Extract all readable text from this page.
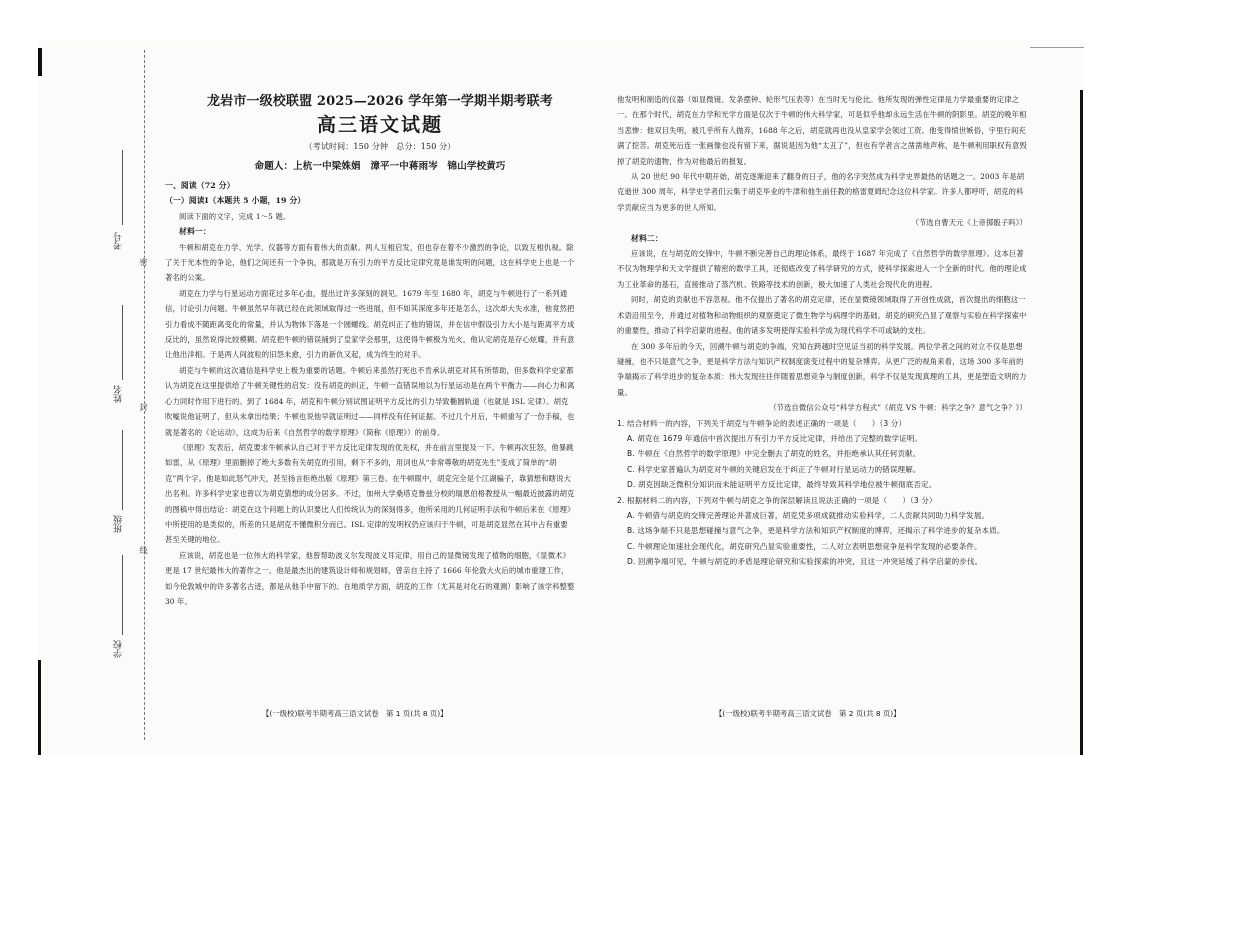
考号
姓名
班级
学校
密
封
线
龙岩市一级校联盟 2025—2026 学年第一学期半期考联考
高三语文试题
（考试时间：150 分钟　总分：150 分）
命题人：上杭一中梁姝娟　漳平一中蒋雨岑　锦山学校黄巧

一、阅读（72 分）

（一）阅读Ⅰ（本题共 5 小题，19 分）

阅读下面的文字，完成 1～5 题。

材料一：

牛顿和胡克在力学、光学、仪器等方面有着伟大的贡献。两人互相启发，但也存在着不少激烈的争论，以致互相仇视。除了关于光本性的争论，他们之间还有一个争执，那就是万有引力的平方反比定律究竟是谁发明的问题，这在科学史上也是一个著名的公案。

胡克在力学与行星运动方面花过多年心血，提出过许多深刻的洞见。1679 年至 1680 年，胡克与牛顿进行了一系列通信，讨论引力问题。牛顿虽然早年就已经在此领域取得过一些进展，但不如其深度多年还是怎么，这次却大失水准，他竟然把引力看成不随距离变化的常量，并认为物体下落是一个圆螺线。胡克纠正了他的错误，并在信中假设引力大小是与距离平方成反比的，虽然说得比较模糊。胡克把牛顿的错误捅到了皇家学会那里，这使得牛顿极为光火，他认定胡克是存心炫耀，并有意让他出洋相。于是两人间波粒的旧怨未愈，引力的新仇又起，成为终生的对手。

胡克与牛顿的这次通信是科学史上极为重要的话题。牛顿后来虽然打死也不肯承认胡克对其有所帮助，但多数科学史家都认为胡克在这里提供给了牛顿关键性的启发：没有胡克的纠正，牛顿一直错误地以为行星运动是在两个平衡力——向心力和离心力同时作用下进行的。到了 1684 年，胡克和牛顿分别试图证明平方反比的引力导致椭圆轨道（也就是 ISL 定律）。胡克吹嘘说他证明了，但从未拿出结果；牛顿也说他早就证明过——同样没有任何证据。不过几个月后，牛顿重写了一份手稿，也就是著名的《论运动》，这成为后来《自然哲学的数学原理》（简称《原理》）的前身。

《原理》发表后，胡克要求牛顿承认自己对于平方反比定律发现的优先权，并在前言里提及一下。牛顿再次狂怒，他暴跳如雷，从《原理》里面删掉了绝大多数有关胡克的引用，剩下不多的，用词也从“非常尊敬的胡克先生”变成了简单的“胡克”两个字。他是如此怒气冲天，甚至扬言拒绝出版《原理》第三卷。在牛顿眼中，胡克完全是个江湖骗子，靠猜想和瞎说大出名利。许多科学史家也曾以为胡克猜想的成分居多。不过，加州大学桑塔克鲁兹分校的瑞恩伯格教授从一幅最近披露的胡克的图稿中得出结论：胡克在这个问题上的认识要比人们传统认为的深刻得多，他所采用的几何证明手法和牛顿后来在《原理》中所使用的是类似的，所差的只是胡克不懂微积分而已。ISL 定律的发明权仍应该归于牛顿，可是胡克显然在其中占有重要甚至关键的地位。

应该说，胡克也是一位伟大的科学家，他曾帮助波义尔发现波义耳定律，用自己的显微镜发现了植物的细胞，《显微术》更是 17 世纪最伟大的著作之一。他是最杰出的建筑设计师和规划师，曾亲自主持了 1666 年伦敦大火后的城市重建工作，如今伦敦城中的许多著名古迹，都是从他手中留下的。在地质学方面，胡克的工作（尤其是对化石的观测）影响了该学科整整 30 年。

他发明和制造的仪器（如显微镜、发条摆钟、轮形气压表等）在当时无与伦比。他所发现的弹性定律是力学最重要的定律之一。在那个时代，胡克在力学和光学方面是仅次于牛顿的伟大科学家，可是似乎他却永远生活在牛顿的阴影里。胡克的晚年相当悲惨：他双目失明，被几乎所有人抛弃，1688 年之后，胡克就再也没从皇家学会领过工资。他变得愤世嫉俗，宇里行间充满了挖苦。胡克死后连一张画像也没有留下来，据说是因为他“太丑了”，但也有学者言之凿凿地声称，是牛顿利用职权有意毁掉了胡克的遗物，作为对他最后的报复。

从 20 世纪 90 年代中期开始，胡克逐渐迎来了翻身的日子，他的名字突然成为科学史界最热的话题之一。2003 年是胡克逝世 300 周年，科学史学者们云集于胡克毕业的牛津和他生前任教的格雷夏姆纪念这位科学家。许多人都呼吁，胡克的科学贡献应当为更多的世人所知。

（节选自曹天元《上帝掷骰子吗》）

材料二：

应该说，在与胡克的交锋中，牛顿不断完善自己的理论体系，最终于 1687 年完成了《自然哲学的数学原理》。这本巨著不仅为物理学和天文学提供了精密的数学工具，还彻底改变了科学研究的方式，使科学探索进入一个全新的时代。他的理论成为工业革命的基石，直接推动了蒸汽机、铁路等技术的创新，极大加速了人类社会现代化的进程。

同时，胡克的贡献也不容忽视。他不仅提出了著名的胡克定律，还在显微镜领域取得了开创性成就，首次提出的细胞这一术语沿用至今，并通过对植物和动物组织的观察奠定了微生物学与病理学的基础。胡克的研究凸显了观察与实验在科学探索中的重要性，推动了科学启蒙的进程。他的诸多发明使得实验科学成为现代科学不可或缺的支柱。

在 300 多年后的今天，回溯牛顿与胡克的争端，究知在跨越时空见证当初的科学发展。两位学者之间的对立不仅是思想碰撞，也不只是意气之争，更是科学方法与知识产权制度演变过程中的复杂博弈。从更广泛的视角来看，这场 300 多年前的争端揭示了科学进步的复杂本质：伟大发现往往伴随着思想竞争与制度创新，科学不仅是发现真理的工具，更是塑造文明的力量。

（节选自微信公众号“科学方程式”《胡克 VS 牛顿：科学之争？意气之争？》）

1. 结合材料一的内容，下列关于胡克与牛顿争论的表述正确的一项是（　　）（3 分）

A. 胡克在 1679 年通信中首次提出万有引力平方反比定律，并给出了完整的数学证明。

B. 牛顿在《自然哲学的数学原理》中完全删去了胡克的姓名，并拒绝承认其任何贡献。

C. 科学史家普遍认为胡克对牛顿的关键启发在于纠正了牛顿对行星运动力的错误理解。

D. 胡克因缺乏微积分知识而未能证明平方反比定律，最终导致其科学地位被牛顿彻底否定。

2. 根据材料二的内容，下列对牛顿与胡克之争的深层解读且说法正确的一项是（　　）（3 分）

A. 牛顿借与胡克的交锋完善理论并著成巨著，胡克凭多项成就推动实验科学，二人贡献共同助力科学发展。

B. 这场争端不只是思想碰撞与意气之争，更是科学方法和知识产权制度的博弈，还揭示了科学进步的复杂本质。

C. 牛顿理论加速社会现代化，胡克研究凸显实验重要性，二人对立表明思想竞争是科学发现的必要条件。

D. 回溯争端可见，牛顿与胡克的矛盾是理论研究和实验探索的冲突，且这一冲突延缓了科学启蒙的步伐。

【(一级校)联考半期考高三语文试卷　第 1 页(共 8 页)】	【(一级校)联考半期考高三语文试卷　第 2 页(共 8 页)】
